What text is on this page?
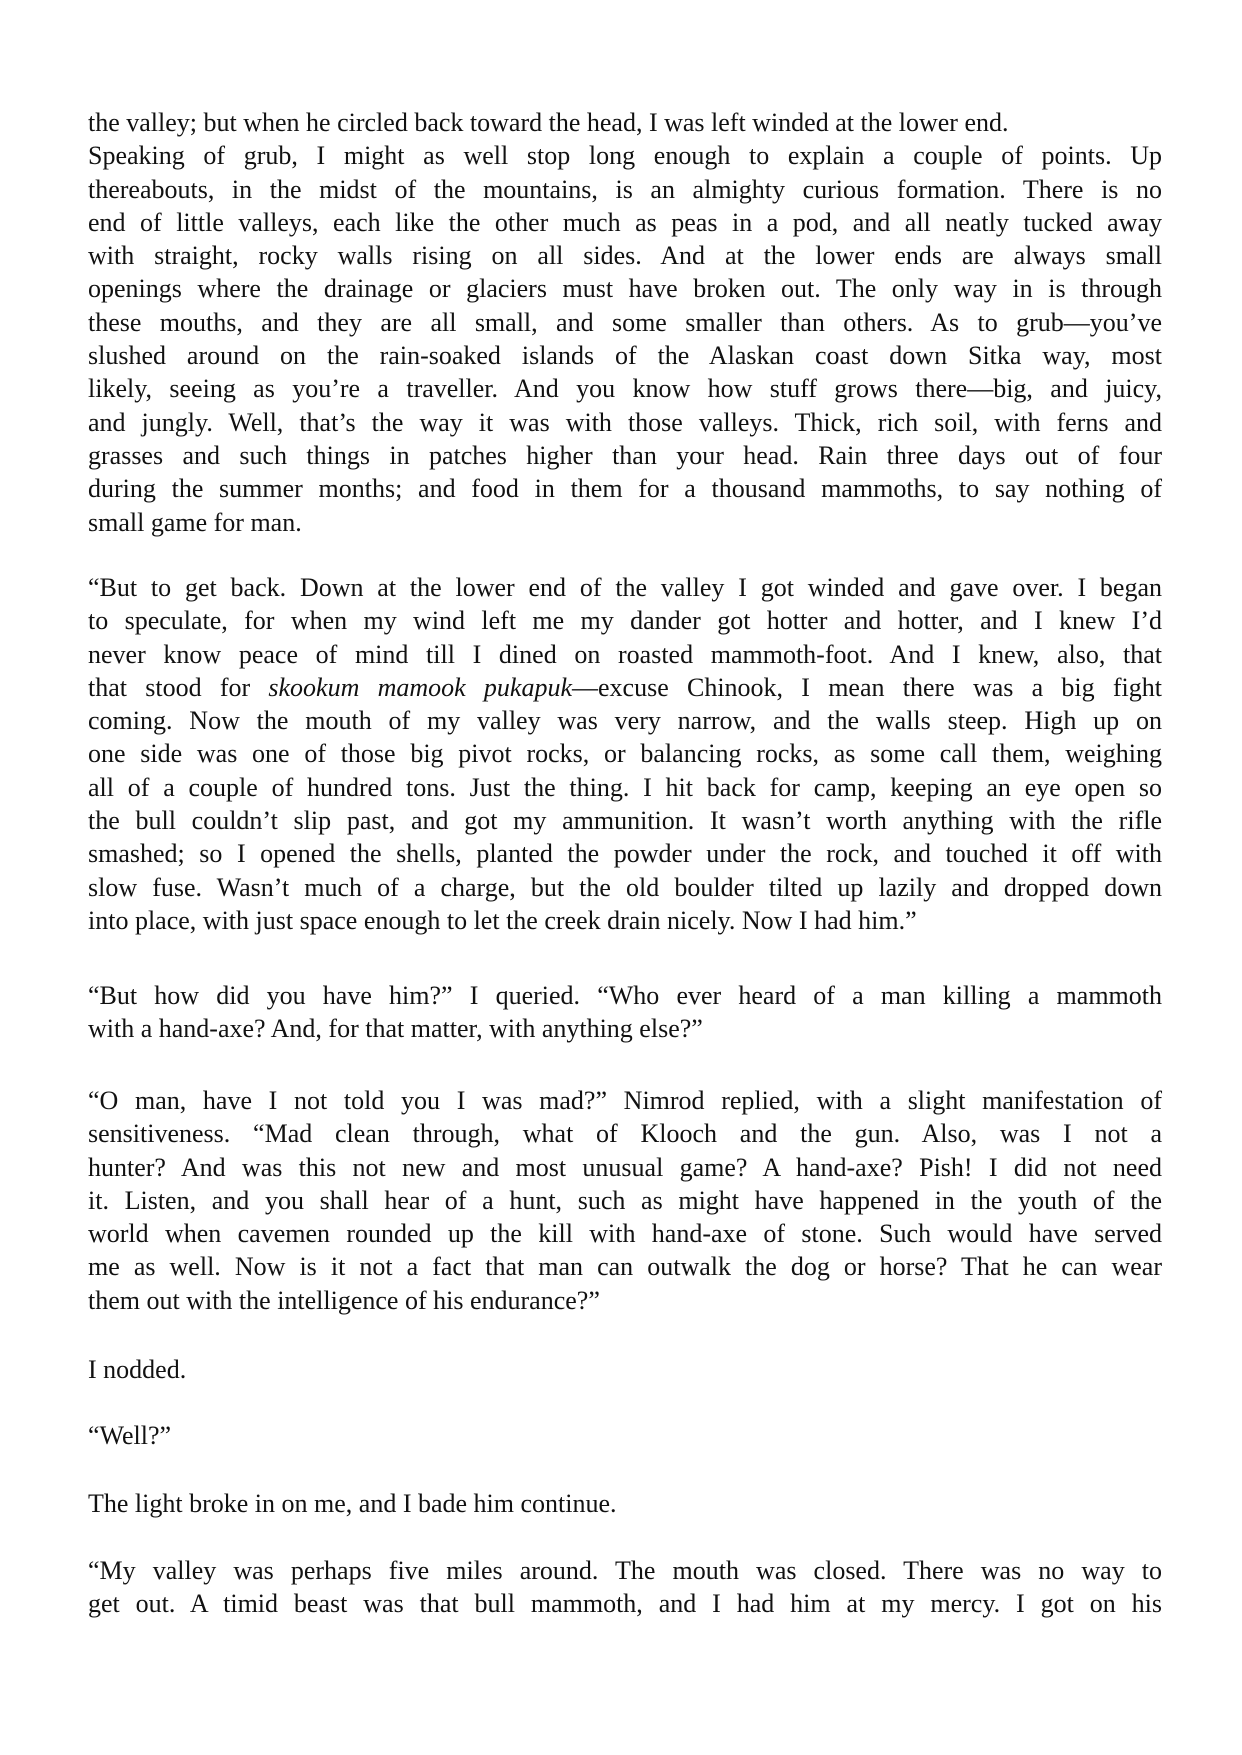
the valley; but when he circled back toward the head, I was left winded at the lower end.
Speaking of grub, I might as well stop long enough to explain a couple of points. Up
thereabouts, in the midst of the mountains, is an almighty curious formation. There is no
end of little valleys, each like the other much as peas in a pod, and all neatly tucked away
with straight, rocky walls rising on all sides. And at the lower ends are always small
openings where the drainage or glaciers must have broken out. The only way in is through
these mouths, and they are all small, and some smaller than others. As to grub—you’ve
slushed around on the rain-soaked islands of the Alaskan coast down Sitka way, most
likely, seeing as you’re a traveller. And you know how stuff grows there—big, and juicy,
and jungly. Well, that’s the way it was with those valleys. Thick, rich soil, with ferns and
grasses and such things in patches higher than your head. Rain three days out of four
during the summer months; and food in them for a thousand mammoths, to say nothing of
small game for man.

“But to get back. Down at the lower end of the valley I got winded and gave over. I began
to speculate, for when my wind left me my dander got hotter and hotter, and I knew I’d
never know peace of mind till I dined on roasted mammoth-foot. And I knew, also, that
that stood for skookum mamook pukapuk—excuse Chinook, I mean there was a big fight
coming. Now the mouth of my valley was very narrow, and the walls steep. High up on
one side was one of those big pivot rocks, or balancing rocks, as some call them, weighing
all of a couple of hundred tons. Just the thing. I hit back for camp, keeping an eye open so
the bull couldn’t slip past, and got my ammunition. It wasn’t worth anything with the rifle
smashed; so I opened the shells, planted the powder under the rock, and touched it off with
slow fuse. Wasn’t much of a charge, but the old boulder tilted up lazily and dropped down
into place, with just space enough to let the creek drain nicely. Now I had him.”

“But how did you have him?” I queried. “Who ever heard of a man killing a mammoth
with a hand-axe? And, for that matter, with anything else?”

“O man, have I not told you I was mad?” Nimrod replied, with a slight manifestation of
sensitiveness. “Mad clean through, what of Klooch and the gun. Also, was I not a
hunter? And was this not new and most unusual game? A hand-axe? Pish! I did not need
it. Listen, and you shall hear of a hunt, such as might have happened in the youth of the
world when cavemen rounded up the kill with hand-axe of stone. Such would have served
me as well. Now is it not a fact that man can outwalk the dog or horse? That he can wear
them out with the intelligence of his endurance?”

I nodded.

“Well?”

The light broke in on me, and I bade him continue.

“My valley was perhaps five miles around. The mouth was closed. There was no way to
get out. A timid beast was that bull mammoth, and I had him at my mercy. I got on his
